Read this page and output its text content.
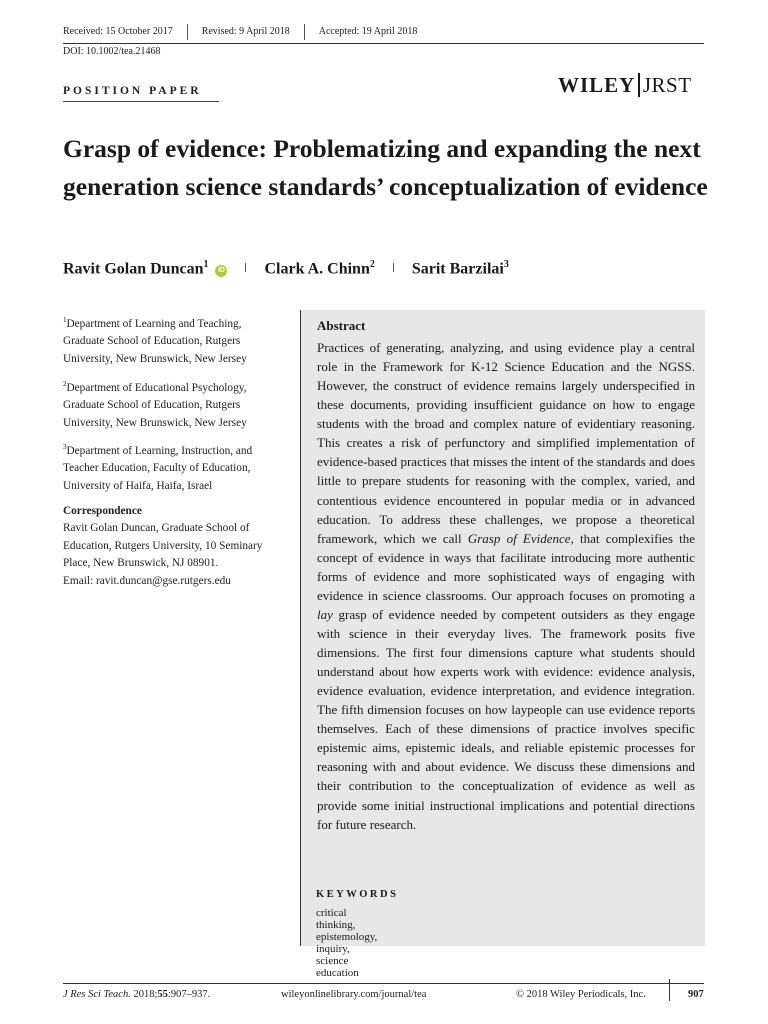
Received: 15 October 2017	Revised: 9 April 2018	Accepted: 19 April 2018
DOI: 10.1002/tea.21468
POSITION PAPER	WILEY JRST
Grasp of evidence: Problematizing and expanding the next generation science standards’ conceptualization of evidence
Ravit Golan Duncan$^1$iD Clark A. Chinn$^2$ Sarit Barzilai$^3$

$^1$Department of Learning and Teaching, Graduate School of Education, Rutgers University, New Brunswick, New Jersey

$^2$Department of Educational Psychology, Graduate School of Education, Rutgers University, New Brunswick, New Jersey

$^3$Department of Learning, Instruction, and Teacher Education, Faculty of Education, University of Haifa, Haifa, Israel

Correspondence
Ravit Golan Duncan, Graduate School of Education, Rutgers University, 10 Seminary Place, New Brunswick, NJ 08901.
Email: ravit.duncan@gse.rutgers.edu
Abstract
Practices of generating, analyzing, and using evidence play a central role in the Framework for K-12 Science Education and the NGSS. However, the construct of evidence remains largely underspecified in these documents, providing insufficient guidance on how to engage students with the broad and complex nature of evidentiary reasoning. This creates a risk of perfunctory and simplified implementation of evidence-based practices that misses the intent of the standards and does little to prepare students for reasoning with the complex, varied, and contentious evidence encountered in popular media or in advanced education. To address these challenges, we propose a theoretical framework, which we call Grasp of Evidence, that complexifies the concept of evidence in ways that facilitate introducing more authentic forms of evidence and more sophisticated ways of engaging with evidence in science classrooms. Our approach focuses on promoting a lay grasp of evidence needed by competent outsiders as they engage with science in their everyday lives. The framework posits five dimensions. The first four dimensions capture what students should understand about how experts work with evidence: evidence analysis, evidence evaluation, evidence interpretation, and evidence integration. The fifth dimension focuses on how laypeople can use evidence reports themselves. Each of these dimensions of practice involves specific epistemic aims, epistemic ideals, and reliable epistemic processes for reasoning with and about evidence. We discuss these dimensions and their contribution to the conceptualization of evidence as well as provide some initial instructional implications and potential directions for future research.
KEYWORDS
critical thinking, epistemology, inquiry, science education
J Res Sci Teach. 2018;55:907–937.	wileyonlinelibrary.com/journal/tea	© 2018 Wiley Periodicals, Inc.	907
